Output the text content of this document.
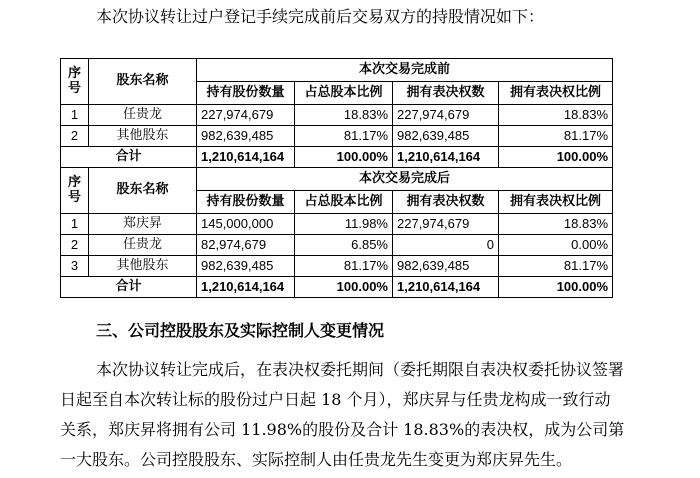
本次协议转让过户登记手续完成前后交易双方的持股情况如下：
序
号	股东名称	本次交易完成前			
		持有股份数量	占总股本比例	拥有表决权数	拥有表决权比例
1	任贵龙	227,974,679	18.83%	227,974,679	18.83%
2	其他股东	982,639,485	81.17%	982,639,485	81.17%
合计		1,210,614,164	100.00%	1,210,614,164	100.00%
序
号	股东名称	本次交易完成后			
		持有股份数量	占总股本比例	拥有表决权数	拥有表决权比例
1	郑庆昇	145,000,000	11.98%	227,974,679	18.83%
2	任贵龙	82,974,679	6.85%	0	0.00%
3	其他股东	982,639,485	81.17%	982,639,485	81.17%
合计		1,210,614,164	100.00%	1,210,614,164	100.00%
三、公司控股股东及实际控制人变更情况
本次协议转让完成后，在表决权委托期间（委托期限自表决权委托协议签署
日起至自本次转让标的股份过户日起 18 个月），郑庆昇与任贵龙构成一致行动
关系，郑庆昇将拥有公司 11.98%的股份及合计 18.83%的表决权，成为公司第
一大股东。公司控股股东、实际控制人由任贵龙先生变更为郑庆昇先生。
